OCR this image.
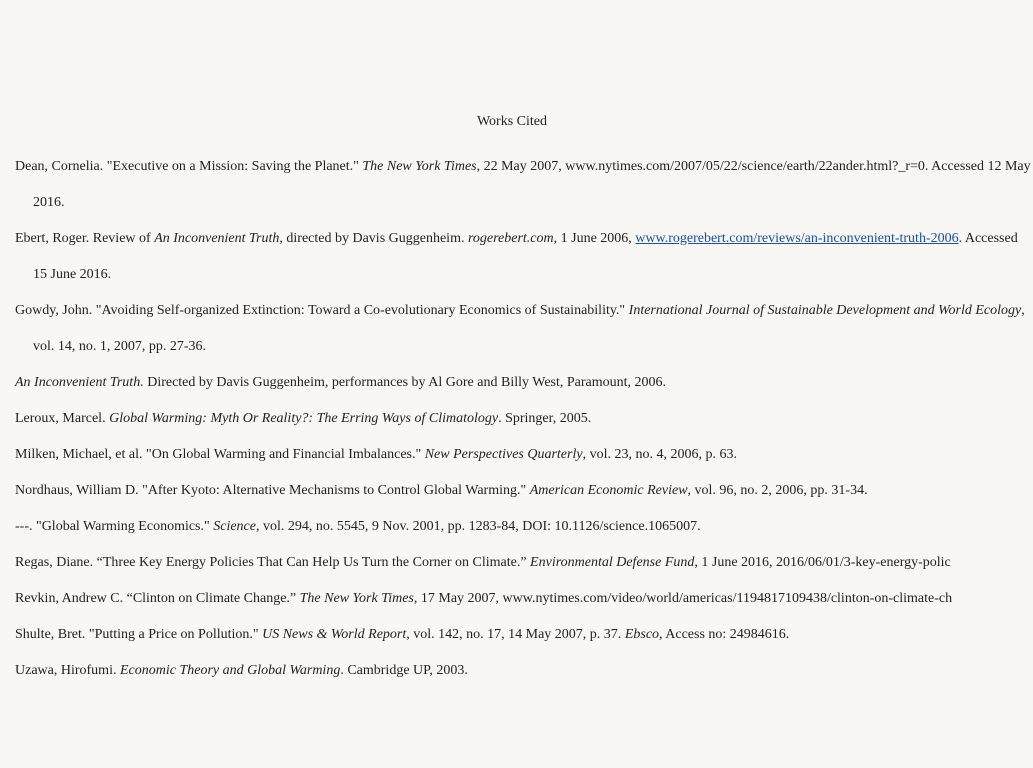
Works Cited
Dean, Cornelia. "Executive on a Mission: Saving the Planet." The New York Times, 22 May 2007, www.nytimes.com/2007/05/22/science/earth/22ander.html?_r=0. Accessed 12 May 2016.
Ebert, Roger. Review of An Inconvenient Truth, directed by Davis Guggenheim. rogerebert.com, 1 June 2006, www.rogerebert.com/reviews/an-inconvenient-truth-2006. Accessed 15 June 2016.
Gowdy, John. "Avoiding Self-organized Extinction: Toward a Co-evolutionary Economics of Sustainability." International Journal of Sustainable Development and World Ecology, vol. 14, no. 1, 2007, pp. 27-36.
An Inconvenient Truth. Directed by Davis Guggenheim, performances by Al Gore and Billy West, Paramount, 2006.
Leroux, Marcel. Global Warming: Myth Or Reality?: The Erring Ways of Climatology. Springer, 2005.
Milken, Michael, et al. "On Global Warming and Financial Imbalances." New Perspectives Quarterly, vol. 23, no. 4, 2006, p. 63.
Nordhaus, William D. "After Kyoto: Alternative Mechanisms to Control Global Warming." American Economic Review, vol. 96, no. 2, 2006, pp. 31-34.
---. "Global Warming Economics." Science, vol. 294, no. 5545, 9 Nov. 2001, pp. 1283-84, DOI: 10.1126/science.1065007.
Regas, Diane. “Three Key Energy Policies That Can Help Us Turn the Corner on Climate.” Environmental Defense Fund, 1 June 2016, 2016/06/01/3-key-energy-polic
Revkin, Andrew C. “Clinton on Climate Change.” The New York Times, 17 May 2007, www.nytimes.com/video/world/americas/1194817109438/clinton-on-climate-ch
Shulte, Bret. "Putting a Price on Pollution." US News & World Report, vol. 142, no. 17, 14 May 2007, p. 37. Ebsco, Access no: 24984616.
Uzawa, Hirofumi. Economic Theory and Global Warming. Cambridge UP, 2003.
